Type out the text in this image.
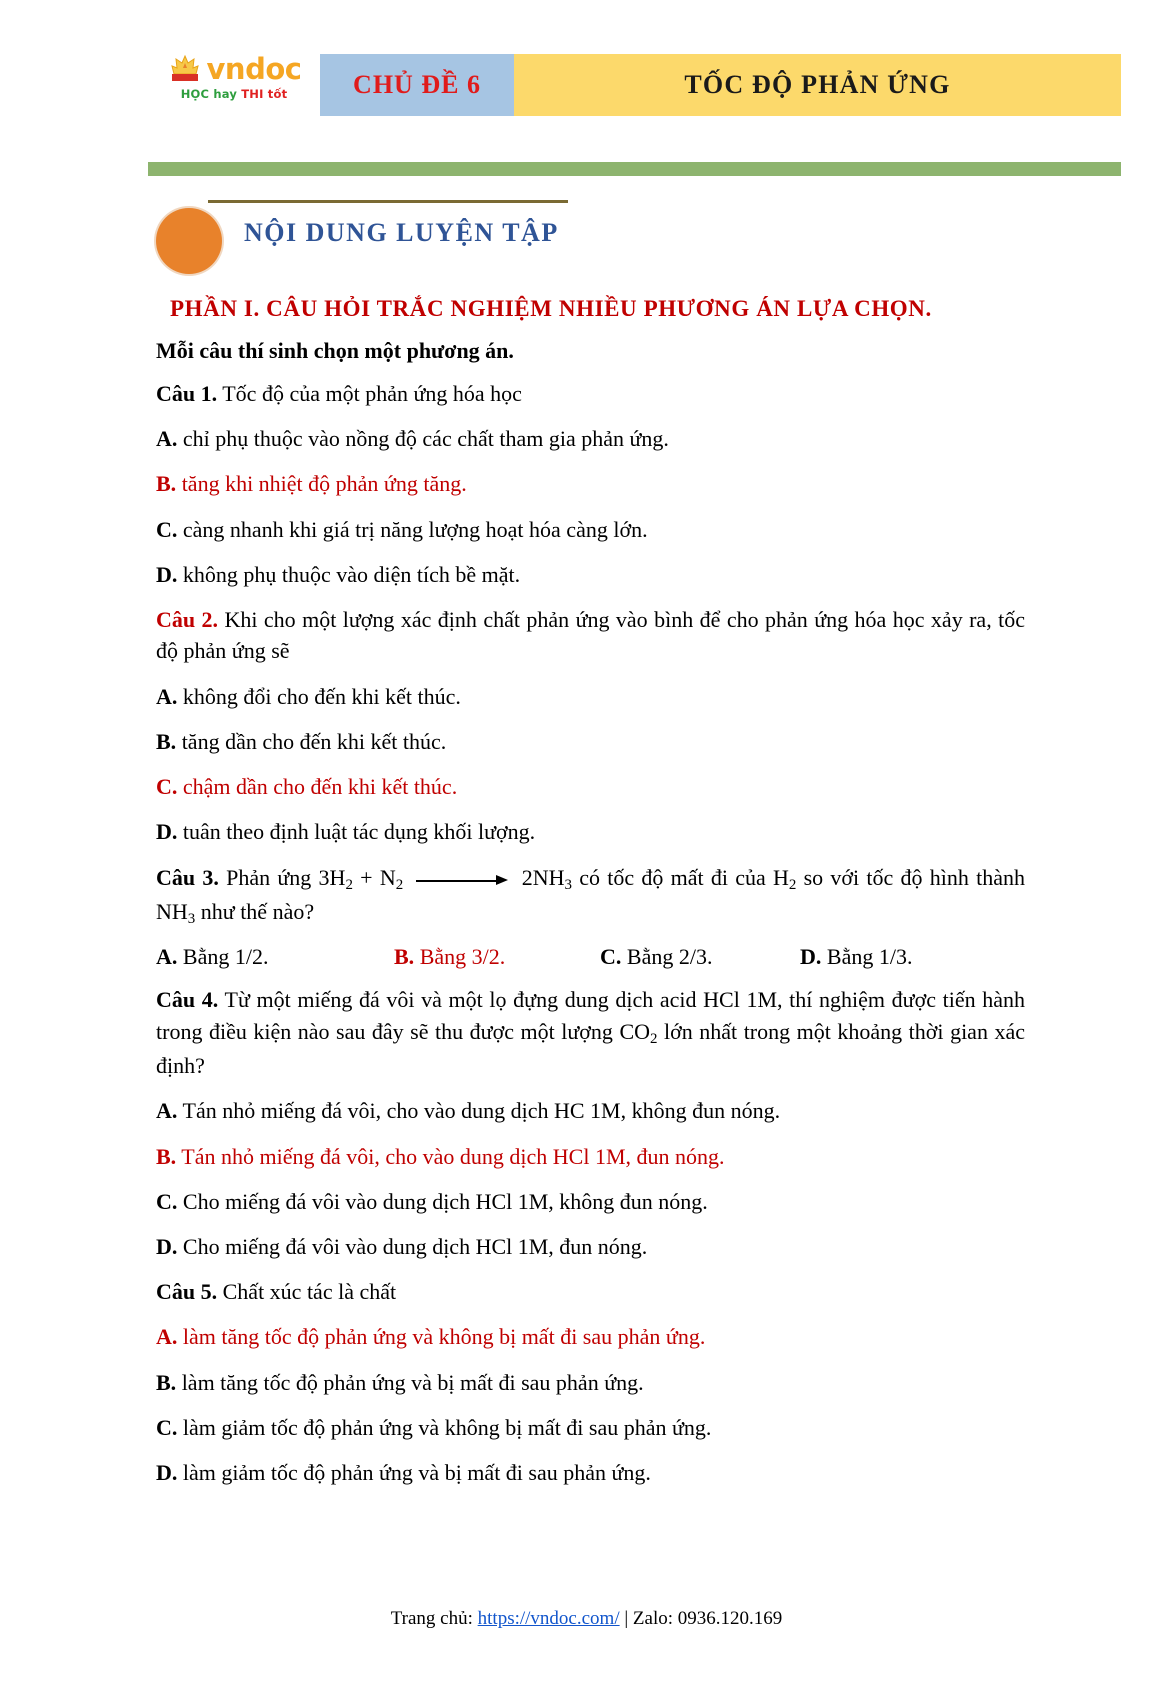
vndoc
HỌC hay THI tốt	CHỦ ĐỀ 6	TỐC ĐỘ PHẢN ỨNG
NỘI DUNG LUYỆN TẬP
PHẦN I. CÂU HỎI TRẮC NGHIỆM NHIỀU PHƯƠNG ÁN LỰA CHỌN.
Mỗi câu thí sinh chọn một phương án.

Câu 1. Tốc độ của một phản ứng hóa học

A. chỉ phụ thuộc vào nồng độ các chất tham gia phản ứng.

B. tăng khi nhiệt độ phản ứng tăng.

C. càng nhanh khi giá trị năng lượng hoạt hóa càng lớn.

D. không phụ thuộc vào diện tích bề mặt.

Câu 2. Khi cho một lượng xác định chất phản ứng vào bình để cho phản ứng hóa học xảy ra, tốc độ phản ứng sẽ

A. không đổi cho đến khi kết thúc.

B. tăng dần cho đến khi kết thúc.

C. chậm dần cho đến khi kết thúc.

D. tuân theo định luật tác dụng khối lượng.

Câu 3. Phản ứng $3H_2 + N_2$	$2NH_3$ có tốc độ mất đi của $H_2$ so với tốc độ hình thành $NH_3$ như thế nào?

A. Bằng 1/2.	B. Bằng 3/2.	C. Bằng 2/3.	D. Bằng 1/3.

Câu 4. Từ một miếng đá vôi và một lọ đựng dung dịch acid HCl 1M, thí nghiệm được tiến hành trong điều kiện nào sau đây sẽ thu được một lượng $CO_2$ lớn nhất trong một khoảng thời gian xác định?

A. Tán nhỏ miếng đá vôi, cho vào dung dịch HC 1M, không đun nóng.

B. Tán nhỏ miếng đá vôi, cho vào dung dịch HCl 1M, đun nóng.

C. Cho miếng đá vôi vào dung dịch HCl 1M, không đun nóng.

D. Cho miếng đá vôi vào dung dịch HCl 1M, đun nóng.

Câu 5. Chất xúc tác là chất

A. làm tăng tốc độ phản ứng và không bị mất đi sau phản ứng.

B. làm tăng tốc độ phản ứng và bị mất đi sau phản ứng.

C. làm giảm tốc độ phản ứng và không bị mất đi sau phản ứng.

D. làm giảm tốc độ phản ứng và bị mất đi sau phản ứng.

Trang chủ: https://vndoc.com/ | Zalo: 0936.120.169
